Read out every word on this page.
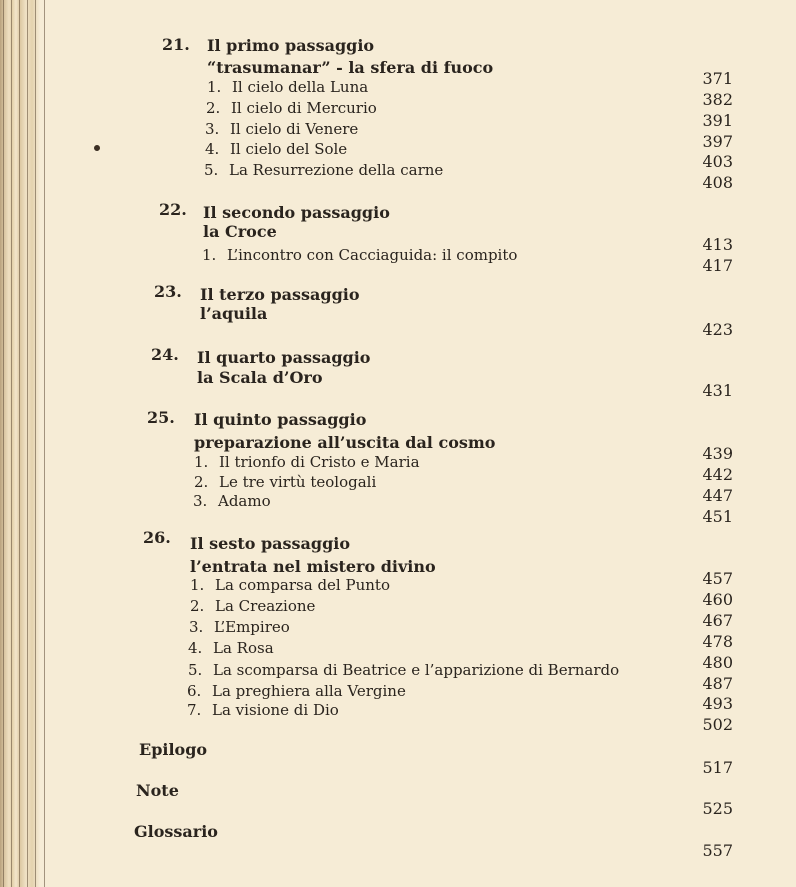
21. Il primo passaggio
“trasumanar” - la sfera di fuoco
1. Il cielo della Luna
2. Il cielo di Mercurio
3. Il cielo di Venere
4. Il cielo del Sole
5. La Resurrezione della carne
371
382
391
397
403
408
22. Il secondo passaggio
la Croce
1. L’incontro con Cacciaguida: il compito
413
417
23. Il terzo passaggio
l’aquila
423
24. Il quarto passaggio
la Scala d’Oro
431
25. Il quinto passaggio
preparazione all’uscita dal cosmo
1. Il trionfo di Cristo e Maria
2. Le tre virtù teologali
3. Adamo
439
442
447
451
26. Il sesto passaggio
l’entrata nel mistero divino
1. La comparsa del Punto
2. La Creazione
3. L’Empireo
4. La Rosa
5. La scomparsa di Beatrice e l’apparizione di Bernardo
6. La preghiera alla Vergine
7. La visione di Dio
457
460
467
478
480
487
493
502
Epilogo
517
Note
525
Glossario
557
